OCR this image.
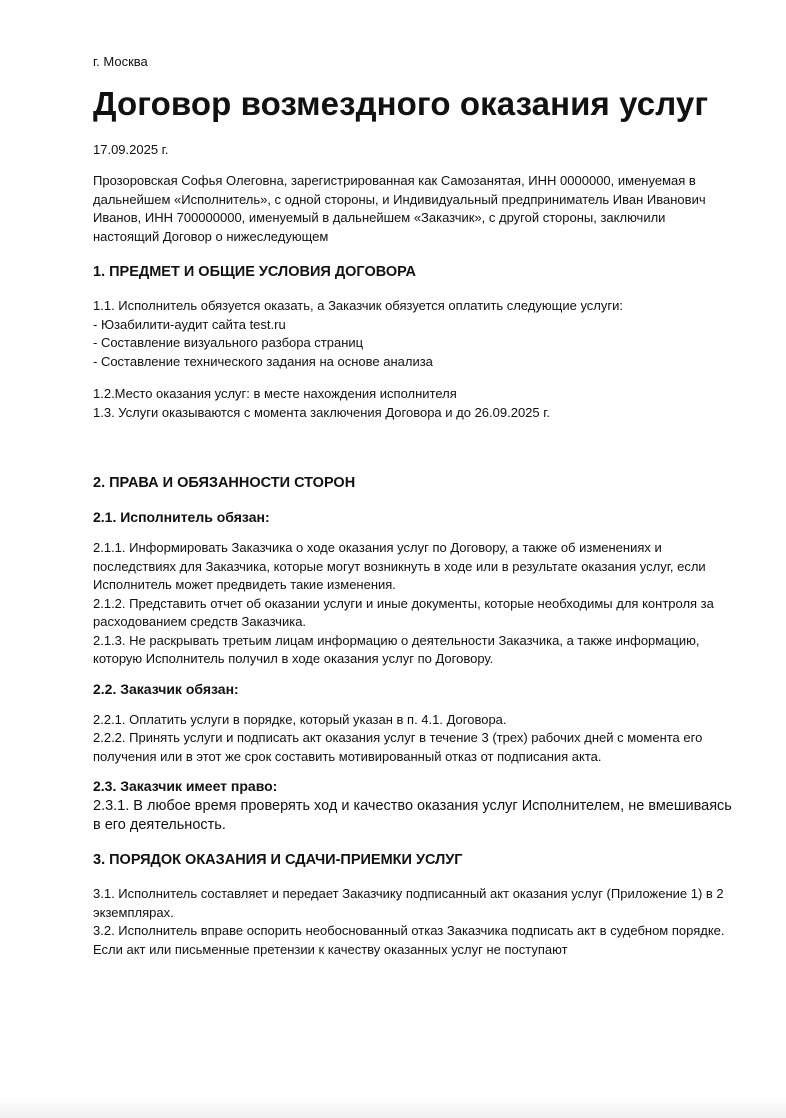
г. Москва
Договор возмездного оказания услуг
17.09.2025 г.

Прозоровская Софья Олеговна, зарегистрированная как Самозанятая, ИНН 0000000, именуемая в дальнейшем «Исполнитель», с одной стороны, и Индивидуальный предприниматель Иван Иванович Иванов, ИНН 700000000, именуемый в дальнейшем «Заказчик», с другой стороны, заключили настоящий Договор о нижеследующем

1. ПРЕДМЕТ И ОБЩИЕ УСЛОВИЯ ДОГОВОРА

1.1. Исполнитель обязуется оказать, а Заказчик обязуется оплатить следующие услуги:

- Юзабилити-аудит сайта test.ru
- Составление визуального разбора страниц
- Составление технического задания на основе анализа

1.2.Место оказания услуг: в месте нахождения исполнителя

1.3. Услуги оказываются с момента заключения Договора и до 26.09.2025 г.

2. ПРАВА И ОБЯЗАННОСТИ СТОРОН
2.1. Исполнитель обязан:

2.1.1. Информировать Заказчика о ходе оказания услуг по Договору, а также об изменениях и последствиях для Заказчика, которые могут возникнуть в ходе или в результате оказания услуг, если Исполнитель может предвидеть такие изменения.
2.1.2. Представить отчет об оказании услуги и иные документы, которые необходимы для контроля за расходованием средств Заказчика.
2.1.3. Не раскрывать третьим лицам информацию о деятельности Заказчика, а также информацию, которую Исполнитель получил в ходе оказания услуг по Договору.

2.2. Заказчик обязан:

2.2.1. Оплатить услуги в порядке, который указан в п. 4.1. Договора.
2.2.2. Принять услуги и подписать акт оказания услуг в течение 3 (трех) рабочих дней с момента его получения или в этот же срок составить мотивированный отказ от подписания акта.

2.3. Заказчик имеет право:

2.3.1. В любое время проверять ход и качество оказания услуг Исполнителем, не вмешиваясь в его деятельность.

3. ПОРЯДОК ОКАЗАНИЯ И СДАЧИ-ПРИЕМКИ УСЛУГ

3.1. Исполнитель составляет и передает Заказчику подписанный акт оказания услуг (Приложение 1) в 2 экземплярах.
3.2. Исполнитель вправе оспорить необоснованный отказ Заказчика подписать акт в судебном порядке. Если акт или письменные претензии к качеству оказанных услуг не поступают
